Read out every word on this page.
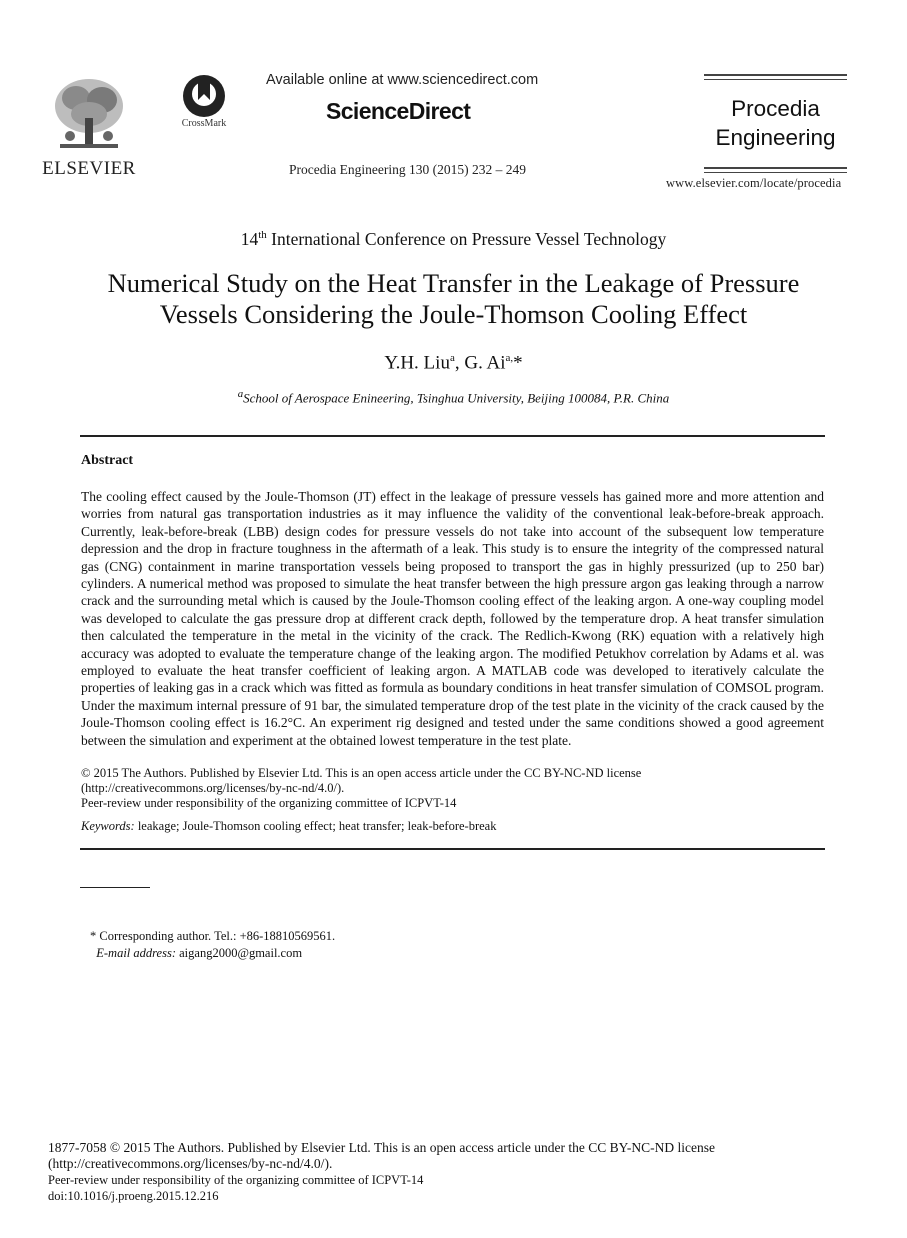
ELSEVIER
CrossMark
Available online at www.sciencedirect.com
ScienceDirect
Procedia Engineering 130 (2015) 232 – 249
Procedia
Engineering
www.elsevier.com/locate/procedia
14th International Conference on Pressure Vessel Technology
Numerical Study on the Heat Transfer in the Leakage of Pressure
Vessels Considering the Joule-Thomson Cooling Effect
Y.H. Liu$^a$, G. $Ai^{a,}*$
$^a$School of Aerospace Enineering, Tsinghua University, Beijing 100084, P.R. China
Abstract
The cooling effect caused by the Joule-Thomson (JT) effect in the leakage of pressure vessels has gained more and more attention and worries from natural gas transportation industries as it may influence the validity of the conventional leak-before-break approach. Currently, leak-before-break (LBB) design codes for pressure vessels do not take into account of the subsequent low temperature depression and the drop in fracture toughness in the aftermath of a leak. This study is to ensure the integrity of the compressed natural gas (CNG) containment in marine transportation vessels being proposed to transport the gas in highly pressurized (up to 250 bar) cylinders. A numerical method was proposed to simulate the heat transfer between the high pressure argon gas leaking through a narrow crack and the surrounding metal which is caused by the Joule-Thomson cooling effect of the leaking argon. A one-way coupling model was developed to calculate the gas pressure drop at different crack depth, followed by the temperature drop. A heat transfer simulation then calculated the temperature in the metal in the vicinity of the crack. The Redlich-Kwong (RK) equation with a relatively high accuracy was adopted to evaluate the temperature change of the leaking argon. The modified Petukhov correlation by Adams et al. was employed to evaluate the heat transfer coefficient of leaking argon. A MATLAB code was developed to iteratively calculate the properties of leaking gas in a crack which was fitted as formula as boundary conditions in heat transfer simulation of COMSOL program. Under the maximum internal pressure of 91 bar, the simulated temperature drop of the test plate in the vicinity of the crack caused by the Joule-Thomson cooling effect is 16.2°C. An experiment rig designed and tested under the same conditions showed a good agreement between the simulation and experiment at the obtained lowest temperature in the test plate.
© 2015 The Authors. Published by Elsevier Ltd. This is an open access article under the CC BY-NC-ND license
(http://creativecommons.org/licenses/by-nc-nd/4.0/).
Peer-review under responsibility of the organizing committee of ICPVT-14
Keywords: leakage; Joule-Thomson cooling effect; heat transfer; leak-before-break
* Corresponding author. Tel.: +86-18810569561.
E-mail address: aigang2000@gmail.com
1877-7058 © 2015 The Authors. Published by Elsevier Ltd. This is an open access article under the CC BY-NC-ND license
(http://creativecommons.org/licenses/by-nc-nd/4.0/).
Peer-review under responsibility of the organizing committee of ICPVT-14
doi:10.1016/j.proeng.2015.12.216
